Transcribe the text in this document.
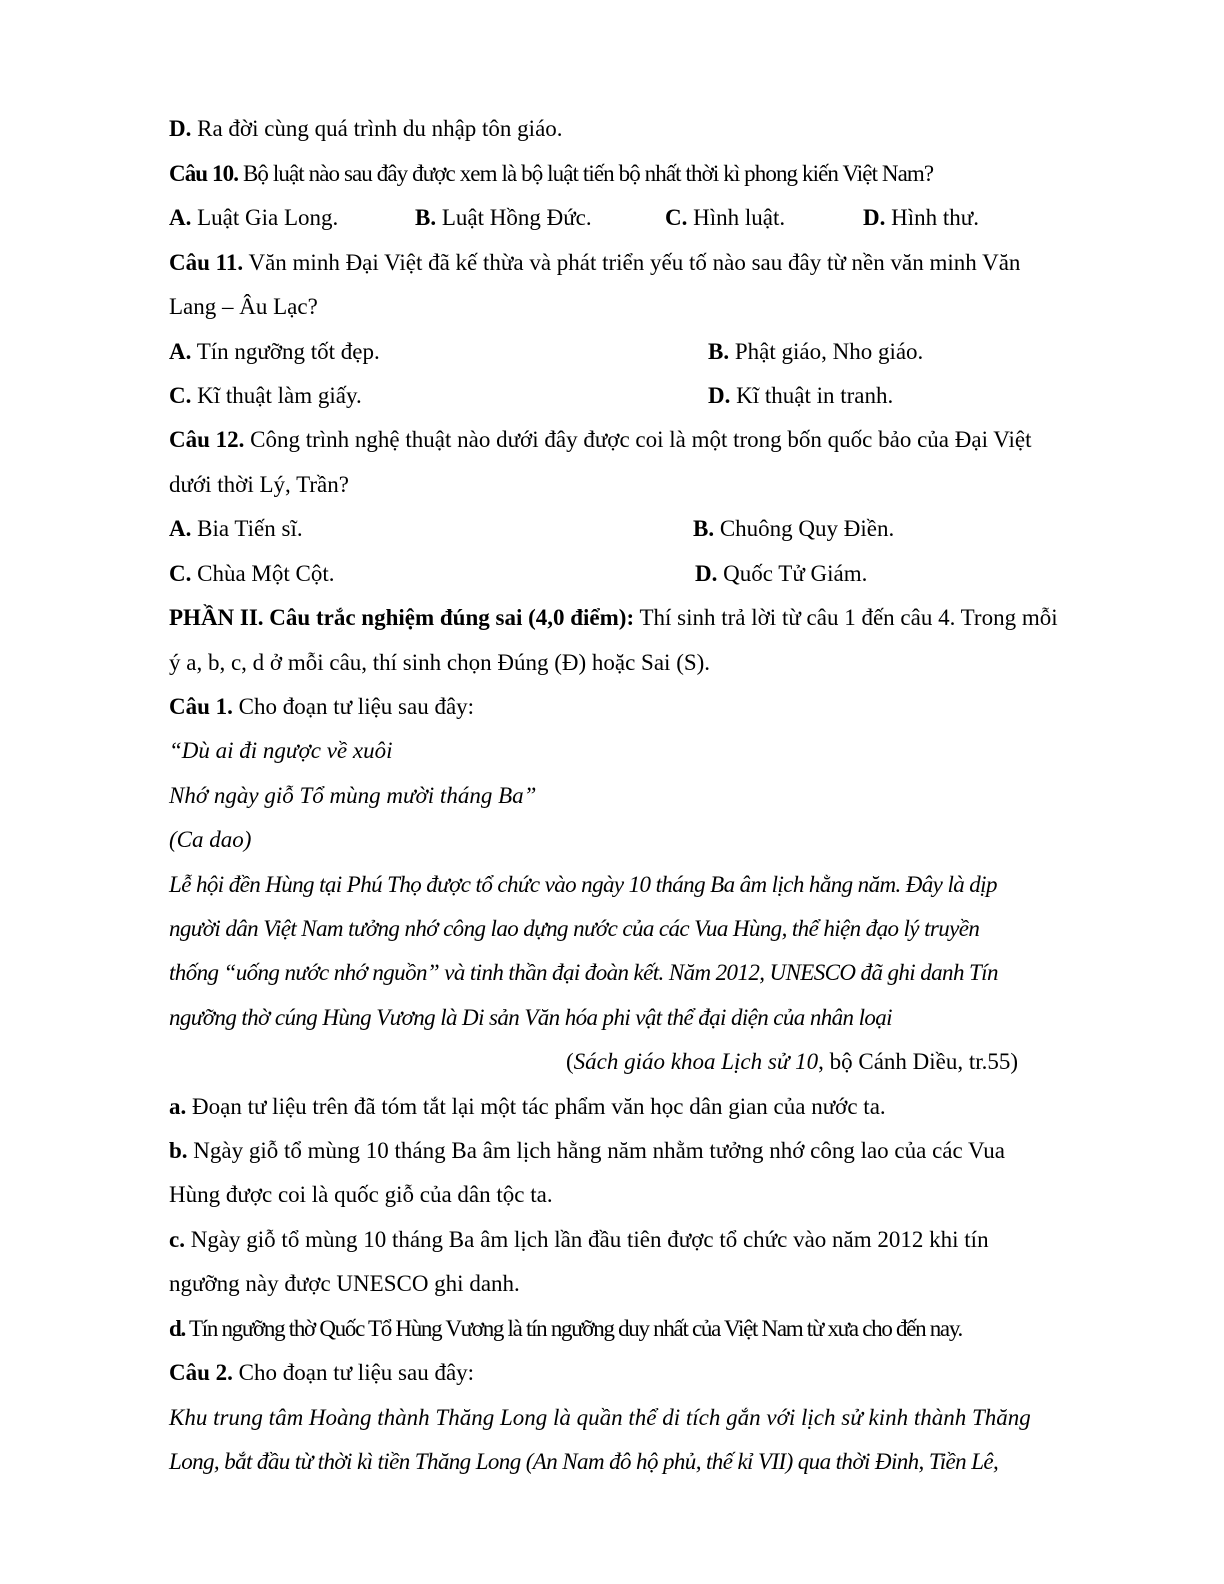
D. Ra đời cùng quá trình du nhập tôn giáo.
Câu 10. Bộ luật nào sau đây được xem là bộ luật tiến bộ nhất thời kì phong kiến Việt Nam?
A. Luật Gia Long.	B. Luật Hồng Đức.	C. Hình luật.	D. Hình thư.
Câu 11. Văn minh Đại Việt đã kế thừa và phát triển yếu tố nào sau đây từ nền văn minh Văn
Lang – Âu Lạc?
A. Tín ngưỡng tốt đẹp.	B. Phật giáo, Nho giáo.
C. Kĩ thuật làm giấy.	D. Kĩ thuật in tranh.
Câu 12. Công trình nghệ thuật nào dưới đây được coi là một trong bốn quốc bảo của Đại Việt
dưới thời Lý, Trần?
A. Bia Tiến sĩ.	B. Chuông Quy Điền.
C. Chùa Một Cột.	D. Quốc Tử Giám.
PHẦN II. Câu trắc nghiệm đúng sai (4,0 điểm): Thí sinh trả lời từ câu 1 đến câu 4. Trong mỗi
ý a, b, c, d ở mỗi câu, thí sinh chọn Đúng (Đ) hoặc Sai (S).
Câu 1. Cho đoạn tư liệu sau đây:
“Dù ai đi ngược về xuôi
Nhớ ngày giỗ Tổ mùng mười tháng Ba”
(Ca dao)
Lễ hội đền Hùng tại Phú Thọ được tổ chức vào ngày 10 tháng Ba âm lịch hằng năm. Đây là dịp
người dân Việt Nam tưởng nhớ công lao dựng nước của các Vua Hùng, thể hiện đạo lý truyền
thống “uống nước nhớ nguồn” và tinh thần đại đoàn kết. Năm 2012, UNESCO đã ghi danh Tín
ngưỡng thờ cúng Hùng Vương là Di sản Văn hóa phi vật thể đại diện của nhân loại
(Sách giáo khoa Lịch sử 10, bộ Cánh Diều, tr.55)
a. Đoạn tư liệu trên đã tóm tắt lại một tác phẩm văn học dân gian của nước ta.
b. Ngày giỗ tổ mùng 10 tháng Ba âm lịch hằng năm nhằm tưởng nhớ công lao của các Vua
Hùng được coi là quốc giỗ của dân tộc ta.
c. Ngày giỗ tổ mùng 10 tháng Ba âm lịch lần đầu tiên được tổ chức vào năm 2012 khi tín
ngưỡng này được UNESCO ghi danh.
d. Tín ngưỡng thờ Quốc Tổ Hùng Vương là tín ngưỡng duy nhất của Việt Nam từ xưa cho đến nay.
Câu 2. Cho đoạn tư liệu sau đây:
Khu trung tâm Hoàng thành Thăng Long là quần thể di tích gắn với lịch sử kinh thành Thăng
Long, bắt đầu từ thời kì tiền Thăng Long (An Nam đô hộ phủ, thế kỉ VII) qua thời Đinh, Tiền Lê,
